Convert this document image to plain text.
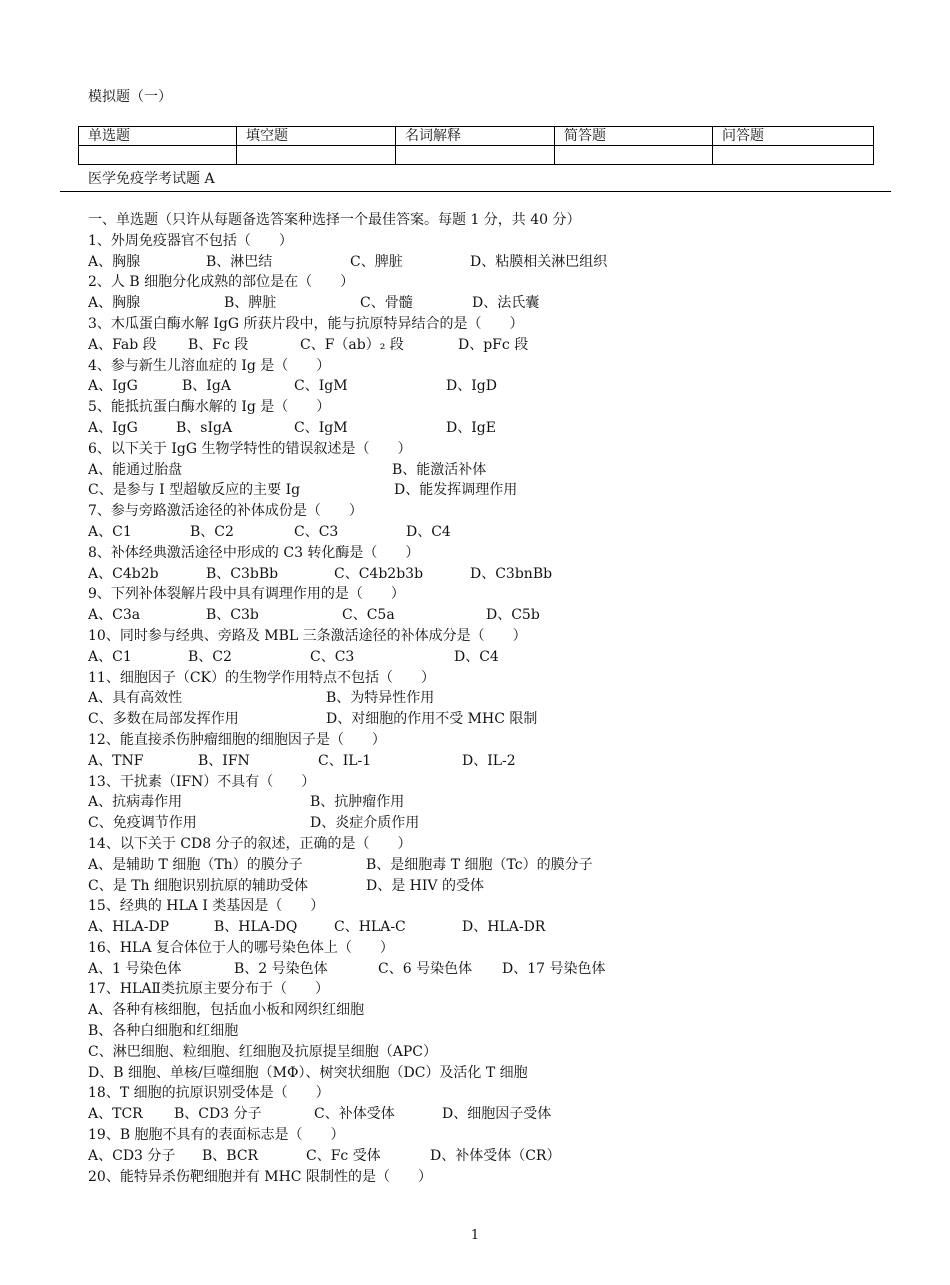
模拟题（一）
单选题	填空题	名词解释	简答题	问答题

医学免疫学考试题 A
一、单选题（只许从每题备选答案种选择一个最佳答案。每题 1 分，共 40 分）
1、外周免疫器官不包括（　　）
A、胸腺	B、淋巴结	C、脾脏	D、粘膜相关淋巴组织
2、人 B 细胞分化成熟的部位是在（　　）
A、胸腺	B、脾脏	C、骨髓	D、法氏囊
3、木瓜蛋白酶水解 IgG 所获片段中，能与抗原特异结合的是（　　）
A、Fab 段 B、Fc 段	C、F（ab）₂ 段	D、pFc 段
4、参与新生儿溶血症的 Ig 是（　　）
A、IgG	B、IgA	C、IgM	D、IgD
5、能抵抗蛋白酶水解的 Ig 是（　　）
A、IgG	B、sIgA	C、IgM	D、IgE
6、以下关于 IgG 生物学特性的错误叙述是（　　）
A、能通过胎盘	B、能激活补体
C、是参与 I 型超敏反应的主要 Ig	D、能发挥调理作用
7、参与旁路激活途径的补体成份是（　　）
A、C1	B、C2	C、C3	D、C4
8、补体经典激活途径中形成的 C3 转化酶是（　　）
A、C4b2b	B、C3bBb	C、C4b2b3b	D、C3bnBb
9、下列补体裂解片段中具有调理作用的是（　　）
A、C3a	B、C3b	C、C5a	D、C5b
10、同时参与经典、旁路及 MBL 三条激活途径的补体成分是（　　）
A、C1	B、C2	C、C3	D、C4
11、细胞因子（CK）的生物学作用特点不包括（　　）
A、具有高效性	B、为特异性作用
C、多数在局部发挥作用	D、对细胞的作用不受 MHC 限制
12、能直接杀伤肿瘤细胞的细胞因子是（　　）
A、TNF	B、IFN	C、IL-1	D、IL-2
13、干扰素（IFN）不具有（　　）
A、抗病毒作用	B、抗肿瘤作用
C、免疫调节作用	D、炎症介质作用
14、以下关于 CD8 分子的叙述，正确的是（　　）
A、是辅助 T 细胞（Th）的膜分子	B、是细胞毒 T 细胞（Tc）的膜分子
C、是 Th 细胞识别抗原的辅助受体	D、是 HIV 的受体
15、经典的 HLA I 类基因是（　　）
A、HLA-DP	B、HLA-DQ	C、HLA-C	D、HLA-DR
16、HLA 复合体位于人的哪号染色体上（　　）
A、1 号染色体	B、2 号染色体	C、6 号染色体 D、17 号染色体
17、HLAⅡ类抗原主要分布于（　　）
A、各种有核细胞，包括血小板和网织红细胞
B、各种白细胞和红细胞
C、淋巴细胞、粒细胞、红细胞及抗原提呈细胞（APC）
D、B 细胞、单核/巨噬细胞（MΦ）、树突状细胞（DC）及活化 T 细胞
18、T 细胞的抗原识别受体是（　　）
A、TCR B、CD3 分子	C、补体受体	D、细胞因子受体
19、B 胞胞不具有的表面标志是（　　）
A、CD3 分子 B、BCR	C、Fc 受体	D、补体受体（CR）
20、能特异杀伤靶细胞并有 MHC 限制性的是（　　）
1
